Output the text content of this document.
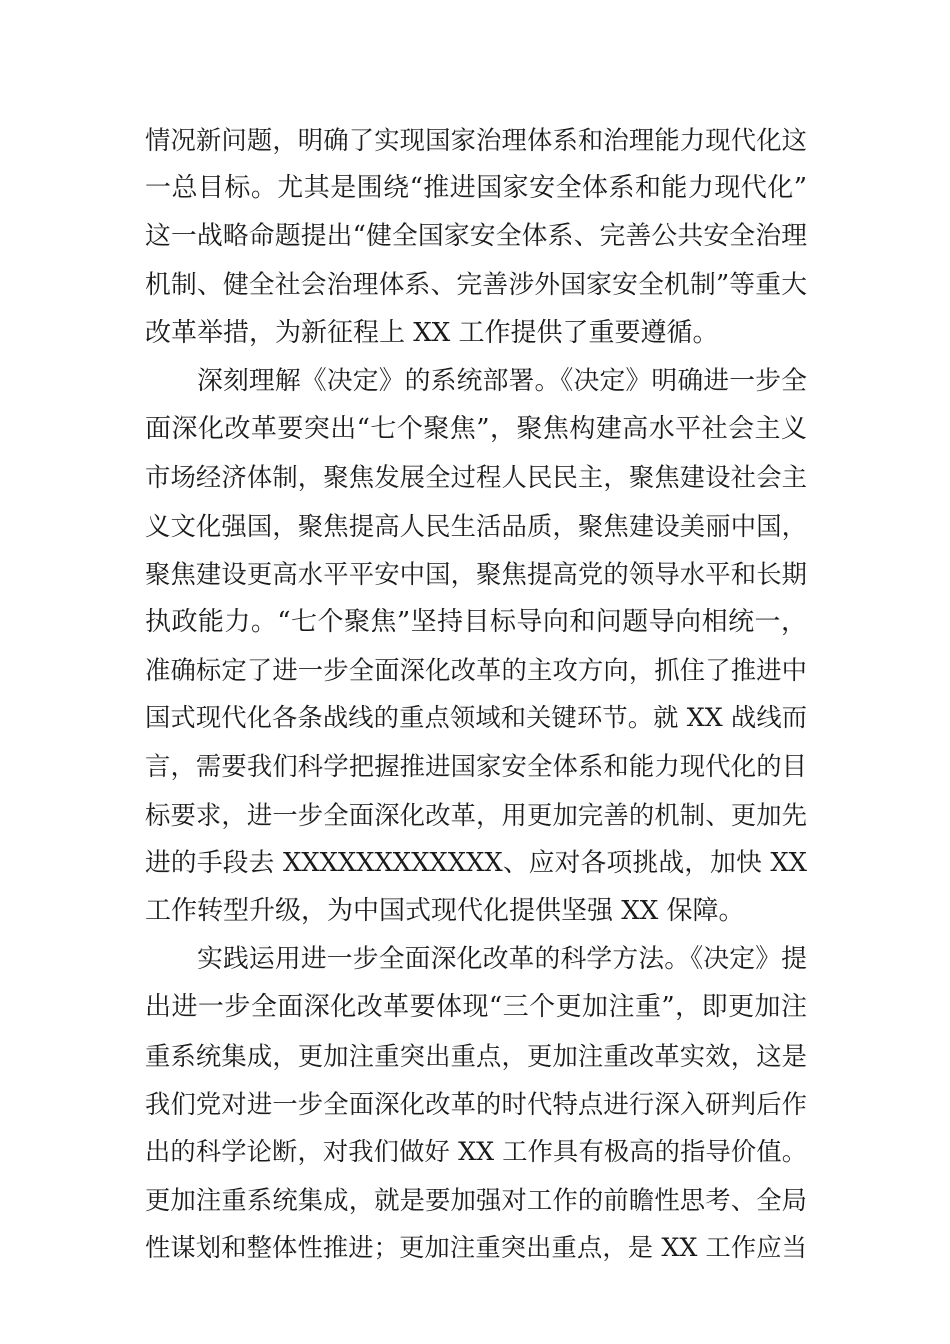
情况新问题，明确了实现国家治理体系和治理能力现代化这
一总目标。尤其是围绕“推进国家安全体系和能力现代化”
这一战略命题提出“健全国家安全体系、完善公共安全治理
机制、健全社会治理体系、完善涉外国家安全机制”等重大
改革举措，为新征程上 XX 工作提供了重要遵循。
深刻理解《决定》的系统部署。《决定》明确进一步全
面深化改革要突出“七个聚焦”，聚焦构建高水平社会主义
市场经济体制，聚焦发展全过程人民民主，聚焦建设社会主
义文化强国，聚焦提高人民生活品质，聚焦建设美丽中国，
聚焦建设更高水平平安中国，聚焦提高党的领导水平和长期
执政能力。“七个聚焦”坚持目标导向和问题导向相统一，
准确标定了进一步全面深化改革的主攻方向，抓住了推进中
国式现代化各条战线的重点领域和关键环节。就 XX 战线而
言，需要我们科学把握推进国家安全体系和能力现代化的目
标要求，进一步全面深化改革，用更加完善的机制、更加先
进的手段去 XXXXXXXXXXXX、应对各项挑战，加快 XX
工作转型升级，为中国式现代化提供坚强 XX 保障。
实践运用进一步全面深化改革的科学方法。《决定》提
出进一步全面深化改革要体现“三个更加注重”，即更加注
重系统集成，更加注重突出重点，更加注重改革实效，这是
我们党对进一步全面深化改革的时代特点进行深入研判后作
出的科学论断，对我们做好 XX 工作具有极高的指导价值。
更加注重系统集成，就是要加强对工作的前瞻性思考、全局
性谋划和整体性推进；更加注重突出重点，是 XX 工作应当
